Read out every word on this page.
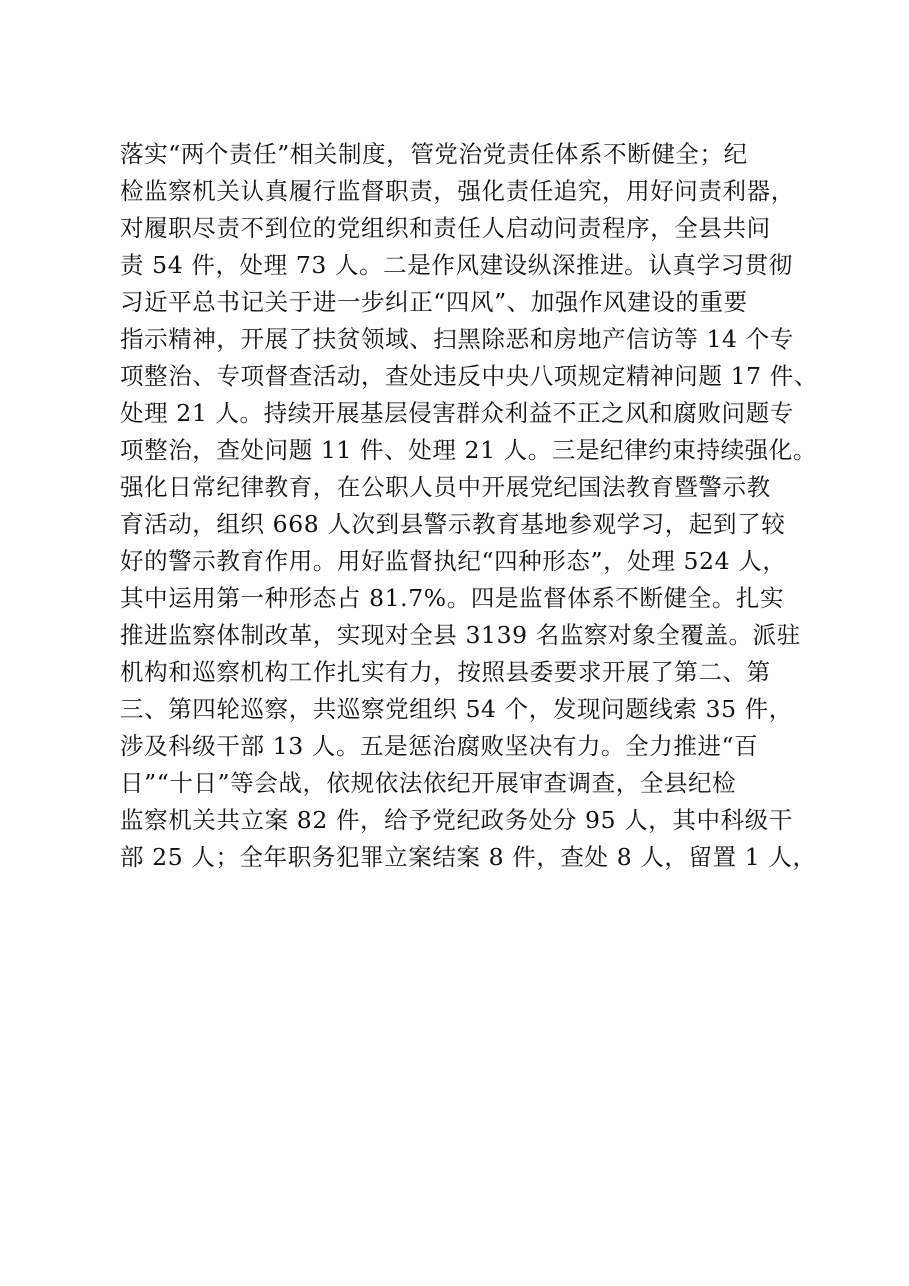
落实“两个责任”相关制度，管党治党责任体系不断健全；纪
检监察机关认真履行监督职责，强化责任追究，用好问责利器，
对履职尽责不到位的党组织和责任人启动问责程序，全县共问
责 54 件，处理 73 人。二是作风建设纵深推进。认真学习贯彻
习近平总书记关于进一步纠正“四风”、加强作风建设的重要
指示精神，开展了扶贫领域、扫黑除恶和房地产信访等 14 个专
项整治、专项督查活动，查处违反中央八项规定精神问题 17 件、
处理 21 人。持续开展基层侵害群众利益不正之风和腐败问题专
项整治，查处问题 11 件、处理 21 人。三是纪律约束持续强化。
强化日常纪律教育，在公职人员中开展党纪国法教育暨警示教
育活动，组织 668 人次到县警示教育基地参观学习，起到了较
好的警示教育作用。用好监督执纪“四种形态”，处理 524 人，
其中运用第一种形态占 81.7%。四是监督体系不断健全。扎实
推进监察体制改革，实现对全县 3139 名监察对象全覆盖。派驻
机构和巡察机构工作扎实有力，按照县委要求开展了第二、第
三、第四轮巡察，共巡察党组织 54 个，发现问题线索 35 件，
涉及科级干部 13 人。五是惩治腐败坚决有力。全力推进“百
日”“十日”等会战，依规依法依纪开展审查调查，全县纪检
监察机关共立案 82 件，给予党纪政务处分 95 人，其中科级干
部 25 人；全年职务犯罪立案结案 8 件，查处 8 人，留置 1 人，
